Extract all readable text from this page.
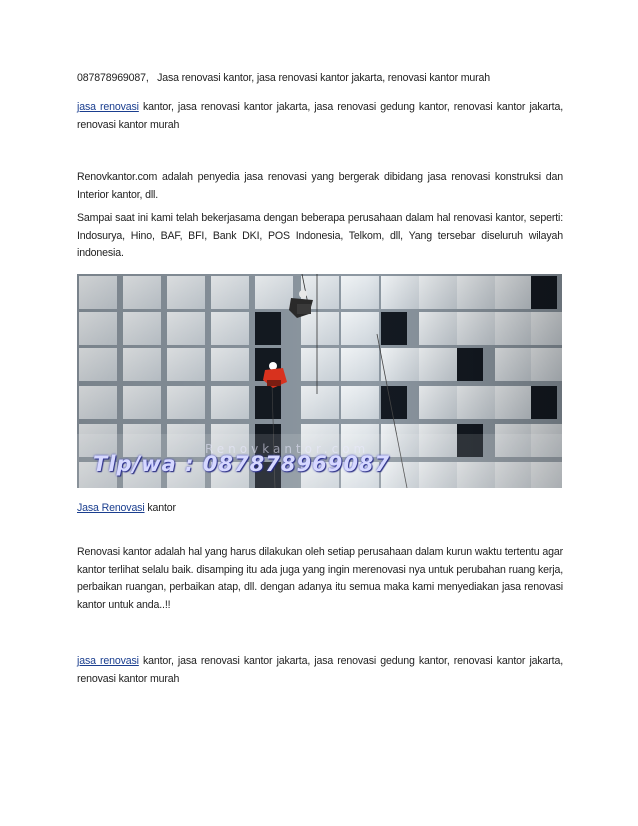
087878969087, Jasa renovasi kantor, jasa renovasi kantor jakarta, renovasi kantor murah

jasa renovasi kantor, jasa renovasi kantor jakarta, jasa renovasi gedung kantor, renovasi kantor jakarta, renovasi kantor murah

Renovkantor.com adalah penyedia jasa renovasi yang bergerak dibidang jasa renovasi konstruksi dan Interior kantor, dll.

Sampai saat ini kami telah bekerjasama dengan beberapa perusahaan dalam hal renovasi kantor, seperti: Indosurya, Hino, BAF, BFI, Bank DKI, POS Indonesia, Telkom, dll, Yang tersebar diseluruh wilayah indonesia.

Renovkantor.com
Tlp/wa : 087878969087

Jasa Renovasi kantor

Renovasi kantor adalah hal yang harus dilakukan oleh setiap perusahaan dalam kurun waktu tertentu agar kantor terlihat selalu baik. disamping itu ada juga yang ingin merenovasi nya untuk perubahan ruang kerja, perbaikan ruangan, perbaikan atap, dll. dengan adanya itu semua maka kami menyediakan jasa renovasi kantor untuk anda..!!

jasa renovasi kantor, jasa renovasi kantor jakarta, jasa renovasi gedung kantor, renovasi kantor jakarta, renovasi kantor murah
